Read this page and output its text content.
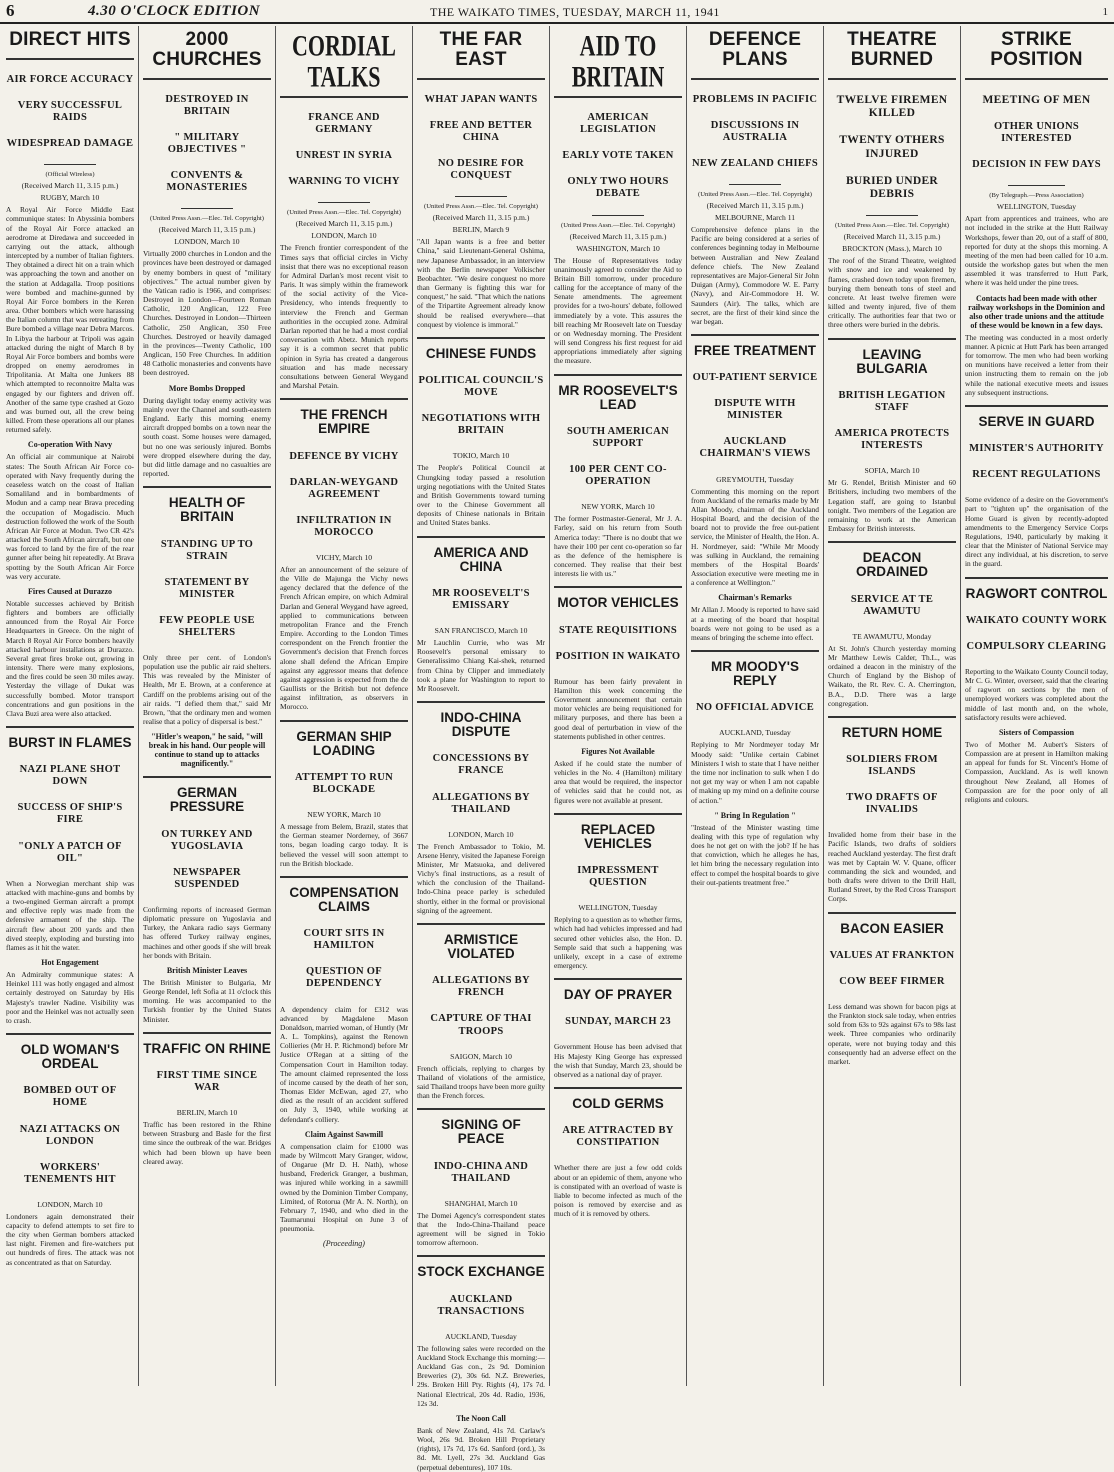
6	4.30 O'CLOCK EDITION	THE WAIKATO TIMES, TUESDAY, MARCH 11, 1941	1
DIRECT HITS
AIR FORCE ACCURACY
VERY SUCCESSFUL RAIDS
WIDESPREAD DAMAGE
(Official Wireless)
(Received March 11, 3.15 p.m.)
RUGBY, March 10
A Royal Air Force Middle East communique states: In Abyssinia bombers of the Royal Air Force attacked an aerodrome at Diredawa and succeeded in carrying out the attack, although intercepted by a number of Italian fighters. They obtained a direct hit on a train which was approaching the town and another on the station at Addagalla. Troop positions were bombed and machine-gunned by Royal Air Force bombers in the Keren area. Other bombers which were harassing the Italian column that was retreating from Bure bombed a village near Debra Marcos. In Libya the harbour at Tripoli was again attacked during the night of March 8 by Royal Air Force bombers and bombs were dropped on enemy aerodromes in Tripolitania. At Malta one Junkers 88 which attempted to reconnoitre Malta was engaged by our fighters and driven off. Another of the same type crashed at Gozo and was burned out, all the crew being killed. From these operations all our planes returned safely.
Co-operation With Navy
An official air communique at Nairobi states: The South African Air Force co-operated with Navy frequently during the ceaseless watch on the coast of Italian Somaliland and in bombardments of Modun and a camp near Brava preceding the occupation of Mogadiscio. Much destruction followed the work of the South African Air Force at Modun. Two CR 42's attacked the South African aircraft, but one was forced to land by the fire of the rear gunner after being hit repeatedly. At Brava spotting by the South African Air Force was very accurate.
Fires Caused at Durazzo
Notable successes achieved by British fighters and bombers are officially announced from the Royal Air Force Headquarters in Greece. On the night of March 8 Royal Air Force bombers heavily attacked harbour installations at Durazzo. Several great fires broke out, growing in intensity. There were many explosions, and the fires could be seen 30 miles away. Yesterday the village of Dukat was successfully bombed. Motor transport concentrations and gun positions in the Clava Buzi area were also attacked.
BURST IN FLAMES
NAZI PLANE SHOT DOWN
SUCCESS OF SHIP'S FIRE
"ONLY A PATCH OF OIL"
When a Norwegian merchant ship was attacked with machine-guns and bombs by a two-engined German aircraft a prompt and effective reply was made from the defensive armament of the ship. The aircraft flew about 200 yards and then dived steeply, exploding and bursting into flames as it hit the water.
Hot Engagement
An Admiralty communique states: A Heinkel 111 was hotly engaged and almost certainly destroyed on Saturday by His Majesty's trawler Nadine. Visibility was poor and the Heinkel was not actually seen to crash.
OLD WOMAN'S ORDEAL
BOMBED OUT OF HOME
NAZI ATTACKS ON LONDON
WORKERS' TENEMENTS HIT
LONDON, March 10
Londoners again demonstrated their capacity to defend attempts to set fire to the city when German bombers attacked last night. Firemen and fire-watchers put out hundreds of fires. The attack was not as concentrated as that on Saturday.
2000 CHURCHES
DESTROYED IN BRITAIN
" MILITARY OBJECTIVES "
CONVENTS & MONASTERIES
(United Press Assn.—Elec. Tel. Copyright)
(Received March 11, 3.15 p.m.)
LONDON, March 10
Virtually 2000 churches in London and the provinces have been destroyed or damaged by enemy bombers in quest of "military objectives." The actual number given by the Vatican radio is 1966, and comprises: Destroyed in London—Fourteen Roman Catholic, 120 Anglican, 122 Free Churches. Destroyed in London—Thirteen Catholic, 250 Anglican, 350 Free Churches. Destroyed or heavily damaged in the provinces—Twenty Catholic, 100 Anglican, 150 Free Churches. In addition 48 Catholic monasteries and convents have been destroyed.
More Bombs Dropped
During daylight today enemy activity was mainly over the Channel and south-eastern England. Early this morning enemy aircraft dropped bombs on a town near the south coast. Some houses were damaged, but no one was seriously injured. Bombs were dropped elsewhere during the day, but did little damage and no casualties are reported.
HEALTH OF BRITAIN
STANDING UP TO STRAIN
STATEMENT BY MINISTER
FEW PEOPLE USE SHELTERS
Only three per cent. of London's population use the public air raid shelters. This was revealed by the Minister of Health, Mr E. Brown, at a conference at Cardiff on the problems arising out of the air raids. "I defied them that," said Mr Brown, "that the ordinary men and women realise that a policy of dispersal is best."
"Hitler's weapon," he said, "will break in his hand. Our people will continue to stand up to attacks magnificently."
GERMAN PRESSURE
ON TURKEY AND YUGOSLAVIA
NEWSPAPER SUSPENDED
Confirming reports of increased German diplomatic pressure on Yugoslavia and Turkey, the Ankara radio says Germany has offered Turkey railway engines, machines and other goods if she will break her bonds with Britain.
British Minister Leaves
The British Minister to Bulgaria, Mr George Rendel, left Sofia at 11 o'clock this morning. He was accompanied to the Turkish frontier by the United States Minister.
TRAFFIC ON RHINE
FIRST TIME SINCE WAR
BERLIN, March 10
Traffic has been restored in the Rhine between Strasburg and Basle for the first time since the outbreak of the war. Bridges which had been blown up have been cleared away.
CORDIAL TALKS
FRANCE AND GERMANY
UNREST IN SYRIA
WARNING TO VICHY
(United Press Assn.—Elec. Tel. Copyright)
(Received March 11, 3.15 p.m.)
LONDON, March 10
The French frontier correspondent of the Times says that official circles in Vichy insist that there was no exceptional reason for Admiral Darlan's most recent visit to Paris. It was simply within the framework of the social activity of the Vice-Presidency, who intends frequently to interview the French and German authorities in the occupied zone. Admiral Darlan reported that he had a most cordial conversation with Abetz. Munich reports say it is a common secret that public opinion in Syria has created a dangerous situation and has made necessary consultations between General Weygand and Marshal Petain.
THE FRENCH EMPIRE
DEFENCE BY VICHY
DARLAN-WEYGAND AGREEMENT
INFILTRATION IN MOROCCO
VICHY, March 10
After an announcement of the seizure of the Ville de Majunga the Vichy news agency declared that the defence of the French African empire, on which Admiral Darlan and General Weygand have agreed, applied to communications between metropolitan France and the French Empire. According to the London Times correspondent on the French frontier the Government's decision that French forces alone shall defend the African Empire against any aggressor means that defence against aggression is expected from the de Gaullists or the British but not defence against infiltration, as observers in Morocco.
GERMAN SHIP LOADING
ATTEMPT TO RUN BLOCKADE
NEW YORK, March 10
A message from Belem, Brazil, states that the German steamer Norderney, of 3667 tons, began loading cargo today. It is believed the vessel will soon attempt to run the British blockade.
COMPENSATION CLAIMS
COURT SITS IN HAMILTON
QUESTION OF DEPENDENCY
A dependency claim for £312 was advanced by Magdalene Mason Donaldson, married woman, of Huntly (Mr A. L. Tompkins), against the Renown Collieries (Mr H. P. Richmond) before Mr Justice O'Regan at a sitting of the Compensation Court in Hamilton today. The amount claimed represented the loss of income caused by the death of her son, Thomas Elder McEwan, aged 27, who died as the result of an accident suffered on July 3, 1940, while working at defendant's colliery.
Claim Against Sawmill
A compensation claim for £1000 was made by Wilmcott Mary Granger, widow, of Ongarue (Mr D. H. Nath), whose husband, Frederick Granger, a bushman, was injured while working in a sawmill owned by the Dominion Timber Company, Limited, of Rotorua (Mr A. N. North), on February 7, 1940, and who died in the Taumarunui Hospital on June 3 of pneumonia.
(Proceeding)
THE FAR EAST
WHAT JAPAN WANTS
FREE AND BETTER CHINA
NO DESIRE FOR CONQUEST
(United Press Assn.—Elec. Tel. Copyright)
(Received March 11, 3.15 p.m.)
BERLIN, March 9
"All Japan wants is a free and better China," said Lieutenant-General Oshima, new Japanese Ambassador, in an interview with the Berlin newspaper Volkischer Beobachter. "We desire conquest no more than Germany is fighting this war for conquest," he said. "That which the nations of the Tripartite Agreement already know should be realised everywhere—that conquest by violence is immoral."
CHINESE FUNDS
POLITICAL COUNCIL'S MOVE
NEGOTIATIONS WITH BRITAIN
TOKIO, March 10
The People's Political Council at Chungking today passed a resolution urging negotiations with the United States and British Governments toward turning over to the Chinese Government all deposits of Chinese nationals in Britain and United States banks.
AMERICA AND CHINA
MR ROOSEVELT'S EMISSARY
SAN FRANCISCO, March 10
Mr Lauchlin Currie, who was Mr Roosevelt's personal emissary to Generalissimo Chiang Kai-shek, returned from China by Clipper and immediately took a plane for Washington to report to Mr Roosevelt.
INDO-CHINA DISPUTE
CONCESSIONS BY FRANCE
ALLEGATIONS BY THAILAND
LONDON, March 10
The French Ambassador to Tokio, M. Arsene Henry, visited the Japanese Foreign Minister, Mr Matsuoka, and delivered Vichy's final instructions, as a result of which the conclusion of the Thailand-Indo-China peace parley is scheduled shortly, either in the formal or provisional signing of the agreement.
ARMISTICE VIOLATED
ALLEGATIONS BY FRENCH
CAPTURE OF THAI TROOPS
SAIGON, March 10
French officials, replying to charges by Thailand of violations of the armistice, said Thailand troops have been more guilty than the French forces.
SIGNING OF PEACE
INDO-CHINA AND THAILAND
SHANGHAI, March 10
The Domei Agency's correspondent states that the Indo-China-Thailand peace agreement will be signed in Tokio tomorrow afternoon.
STOCK EXCHANGE
AUCKLAND TRANSACTIONS
AUCKLAND, Tuesday
The following sales were recorded on the Auckland Stock Exchange this morning:— Auckland Gas con., 2s 9d. Dominion Breweries (2), 30s 6d. N.Z. Breweries, 29s. Broken Hill Pty. Rights (4), 17s 7d. National Electrical, 20s 4d. Radio, 1936, 12s 3d.
The Noon Call
Bank of New Zealand, 41s 7d. Carlaw's Wool, 26s 9d. Broken Hill Proprietary (rights), 17s 7d, 17s 6d. Sanford (ord.), 3s 8d. Mt. Lyell, 27s 3d. Auckland Gas (perpetual debentures), 107 10s.
AID TO BRITAIN
AMERICAN LEGISLATION
EARLY VOTE TAKEN
ONLY TWO HOURS DEBATE
(United Press Assn.—Elec. Tel. Copyright)
(Received March 11, 3.15 p.m.)
WASHINGTON, March 10
The House of Representatives today unanimously agreed to consider the Aid to Britain Bill tomorrow, under procedure calling for the acceptance of many of the Senate amendments. The agreement provides for a two-hours' debate, followed immediately by a vote. This assures the bill reaching Mr Roosevelt late on Tuesday or on Wednesday morning. The President will send Congress his first request for aid appropriations immediately after signing the measure.
MR ROOSEVELT'S LEAD
SOUTH AMERICAN SUPPORT
100 PER CENT CO-OPERATION
NEW YORK, March 10
The former Postmaster-General, Mr J. A. Farley, said on his return from South America today: "There is no doubt that we have their 100 per cent co-operation so far as the defence of the hemisphere is concerned. They realise that their best interests lie with us."
MOTOR VEHICLES
STATE REQUISITIONS
POSITION IN WAIKATO
Rumour has been fairly prevalent in Hamilton this week concerning the Government announcement that certain motor vehicles are being requisitioned for military purposes, and there has been a good deal of perturbation in view of the statements published in other centres.
Figures Not Available
Asked if he could state the number of vehicles in the No. 4 (Hamilton) military area that would be required, the inspector of vehicles said that he could not, as figures were not available at present.
REPLACED VEHICLES
IMPRESSMENT QUESTION
WELLINGTON, Tuesday
Replying to a question as to whether firms, which had had vehicles impressed and had secured other vehicles also, the Hon. D. Semple said that such a happening was unlikely, except in a case of extreme emergency.
DAY OF PRAYER
SUNDAY, MARCH 23
Government House has been advised that His Majesty King George has expressed the wish that Sunday, March 23, should be observed as a national day of prayer.
COLD GERMS
ARE ATTRACTED BY CONSTIPATION
Whether there are just a few odd colds about or an epidemic of them, anyone who is constipated with an overload of waste is liable to become infected as much of the poison is removed by exercise and as much of it is removed by others.
DEFENCE PLANS
PROBLEMS IN PACIFIC
DISCUSSIONS IN AUSTRALIA
NEW ZEALAND CHIEFS
(United Press Assn.—Elec. Tel. Copyright)
(Received March 11, 3.15 p.m.)
MELBOURNE, March 11
Comprehensive defence plans in the Pacific are being considered at a series of conferences beginning today in Melbourne between Australian and New Zealand defence chiefs. The New Zealand representatives are Major-General Sir John Duigan (Army), Commodore W. E. Parry (Navy), and Air-Commodore H. W. Saunders (Air). The talks, which are secret, are the first of their kind since the war began.
FREE TREATMENT
OUT-PATIENT SERVICE
DISPUTE WITH MINISTER
AUCKLAND CHAIRMAN'S VIEWS
GREYMOUTH, Tuesday
Commenting this morning on the report from Auckland of the remarks made by Mr Allan Moody, chairman of the Auckland Hospital Board, and the decision of the board not to provide the free out-patient service, the Minister of Health, the Hon. A. H. Nordmeyer, said: "While Mr Moody was sulking in Auckland, the remaining members of the Hospital Boards' Association executive were meeting me in a conference at Wellington."
Chairman's Remarks
Mr Allan J. Moody is reported to have said at a meeting of the board that hospital boards were not going to be used as a means of bringing the scheme into effect.
MR MOODY'S REPLY
NO OFFICIAL ADVICE
AUCKLAND, Tuesday
Replying to Mr Nordmeyer today Mr Moody said: "Unlike certain Cabinet Ministers I wish to state that I have neither the time nor inclination to sulk when I do not get my way or when I am not capable of making up my mind on a definite course of action."
" Bring In Regulation "
"Instead of the Minister wasting time dealing with this type of regulation why does he not get on with the job? If he has that conviction, which he alleges he has, let him bring the necessary regulation into effect to compel the hospital boards to give their out-patients treatment free."
THEATRE BURNED
TWELVE FIREMEN KILLED
TWENTY OTHERS INJURED
BURIED UNDER DEBRIS
(United Press Assn.—Elec. Tel. Copyright)
(Received March 11, 3.15 p.m.)
BROCKTON (Mass.), March 10
The roof of the Strand Theatre, weighted with snow and ice and weakened by flames, crashed down today upon firemen, burying them beneath tons of steel and concrete. At least twelve firemen were killed and twenty injured, five of them critically. The authorities fear that two or three others were buried in the debris.
LEAVING BULGARIA
BRITISH LEGATION STAFF
AMERICA PROTECTS INTERESTS
SOFIA, March 10
Mr G. Rendel, British Minister and 60 Britishers, including two members of the Legation staff, are going to Istanbul tonight. Two members of the Legation are remaining to work at the American Embassy for British interests.
DEACON ORDAINED
SERVICE AT TE AWAMUTU
TE AWAMUTU, Monday
At St. John's Church yesterday morning Mr Matthew Lewis Calder, Th.L., was ordained a deacon in the ministry of the Church of England by the Bishop of Waikato, the Rt. Rev. C. A. Cherrington, B.A., D.D. There was a large congregation.
RETURN HOME
SOLDIERS FROM ISLANDS
TWO DRAFTS OF INVALIDS
Invalided home from their base in the Pacific Islands, two drafts of soldiers reached Auckland yesterday. The first draft was met by Captain W. V. Quane, officer commanding the sick and wounded, and both drafts were driven to the Drill Hall, Rutland Street, by the Red Cross Transport Corps.
BACON EASIER
VALUES AT FRANKTON
COW BEEF FIRMER
Less demand was shown for bacon pigs at the Frankton stock sale today, when entries sold from 63s to 92s against 67s to 98s last week. Three companies who ordinarily operate, were not buying today and this consequently had an adverse effect on the market.
STRIKE POSITION
MEETING OF MEN
OTHER UNIONS INTERESTED
DECISION IN FEW DAYS
(By Telegraph.—Press Association)
WELLINGTON, Tuesday
Apart from apprentices and trainees, who are not included in the strike at the Hutt Railway Workshops, fewer than 20, out of a staff of 800, reported for duty at the shops this morning. A meeting of the men had been called for 10 a.m. outside the workshop gates but when the men assembled it was transferred to Hutt Park, where it was held under the pine trees.
Contacts had been made with other railway workshops in the Dominion and also other trade unions and the attitude of these would be known in a few days.
The meeting was conducted in a most orderly manner. A picnic at Hutt Park has been arranged for tomorrow. The men who had been working on munitions have received a letter from their union instructing them to remain on the job while the national executive meets and issues any subsequent instructions.
SERVE IN GUARD
MINISTER'S AUTHORITY
RECENT REGULATIONS
Some evidence of a desire on the Government's part to "tighten up" the organisation of the Home Guard is given by recently-adopted amendments to the Emergency Service Corps Regulations, 1940, particularly by making it clear that the Minister of National Service may direct any individual, at his discretion, to serve in the guard.
RAGWORT CONTROL
WAIKATO COUNTY WORK
COMPULSORY CLEARING
Reporting to the Waikato County Council today, Mr C. G. Winter, overseer, said that the clearing of ragwort on sections by the men of unemployed workers was completed about the middle of last month and, on the whole, satisfactory results were achieved.
Sisters of Compassion
Two of Mother M. Aubert's Sisters of Compassion are at present in Hamilton making an appeal for funds for St. Vincent's Home of Compassion, Auckland. As is well known throughout New Zealand, all Homes of Compassion are for the poor only of all religions and colours.
